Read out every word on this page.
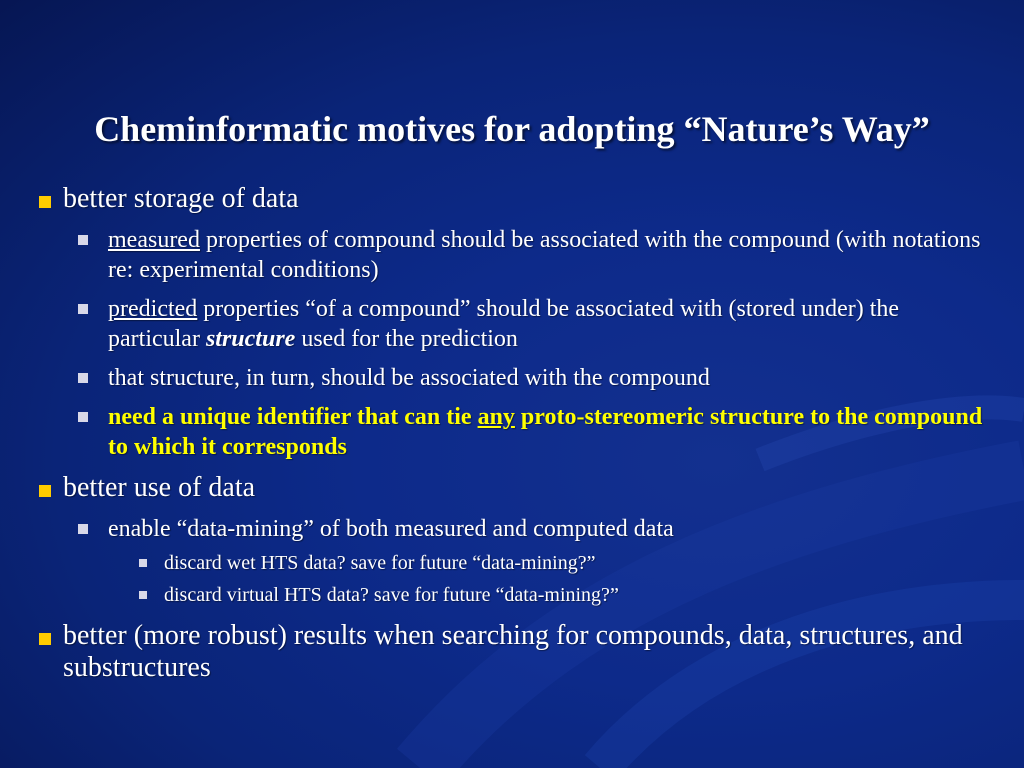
Cheminformatic motives for adopting “Nature’s Way”
better storage of data
measured properties of compound should be associated with the compound (with notations re: experimental conditions)
predicted properties “of a compound” should be associated with (stored under) the particular structure used for the prediction
that structure, in turn, should be associated with the compound
need a unique identifier that can tie any proto-stereomeric structure to the compound to which it corresponds
better use of data
enable “data-mining” of both measured and computed data
discard wet HTS data? save for future “data-mining?”
discard virtual HTS data? save for future “data-mining?”
better (more robust) results when searching for compounds, data, structures, and substructures
